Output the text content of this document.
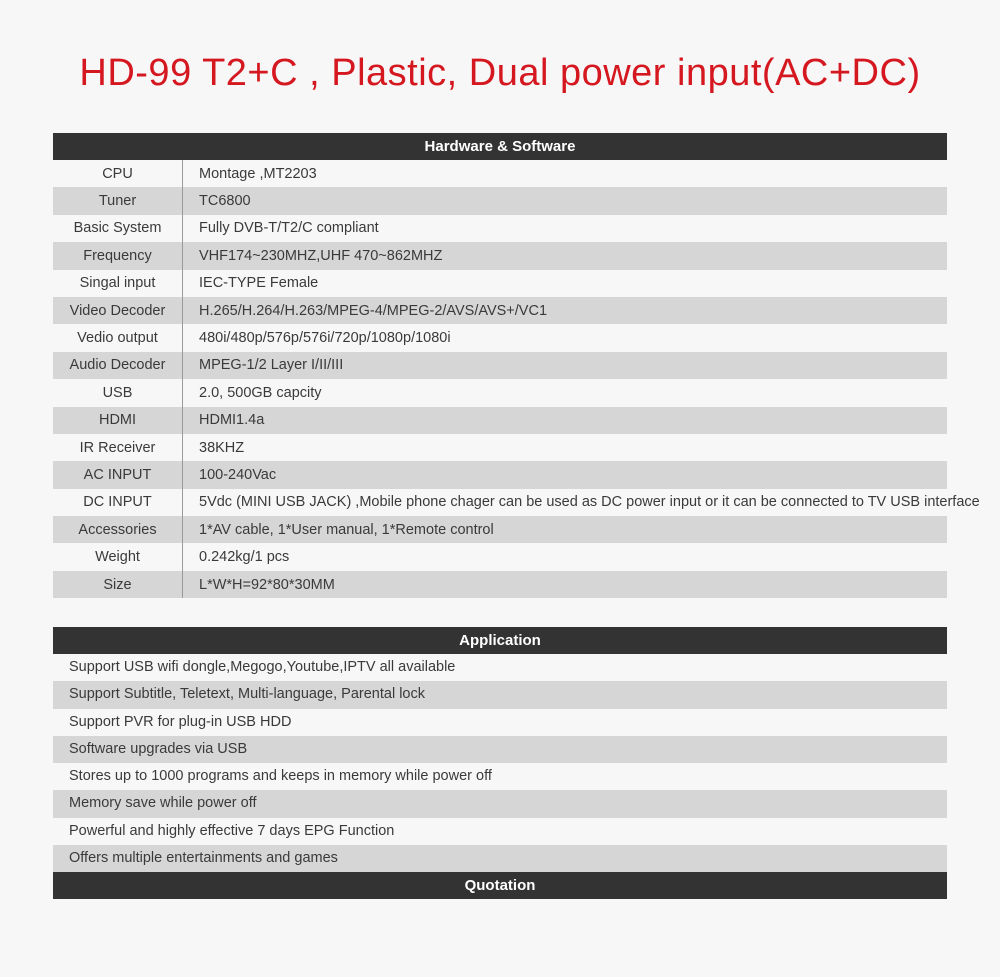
HD-99 T2+C , Plastic, Dual power input(AC+DC)
Hardware & Software
CPU	Montage ,MT2203
Tuner	TC6800
Basic System	Fully DVB-T/T2/C compliant
Frequency	VHF174~230MHZ,UHF 470~862MHZ
Singal input	IEC-TYPE Female
Video Decoder	H.265/H.264/H.263/MPEG-4/MPEG-2/AVS/AVS+/VC1
Vedio output	480i/480p/576p/576i/720p/1080p/1080i
Audio Decoder	MPEG-1/2 Layer I/II/III
USB	2.0, 500GB capcity
HDMI	HDMI1.4a
IR Receiver	38KHZ
AC INPUT	100-240Vac
DC INPUT	5Vdc (MINI USB JACK) ,Mobile phone chager can be used as DC power input or it can be connected to TV USB interface
Accessories	1*AV cable, 1*User manual, 1*Remote control
Weight	0.242kg/1 pcs
Size	L*W*H=92*80*30MM
Application
Support USB wifi dongle,Megogo,Youtube,IPTV all available
Support Subtitle, Teletext, Multi-language, Parental lock
Support PVR for plug-in USB HDD
Software upgrades via USB
Stores up to 1000 programs and keeps in memory while power off
Memory save while power off
Powerful and highly effective 7 days EPG Function
Offers multiple entertainments and games
Quotation
